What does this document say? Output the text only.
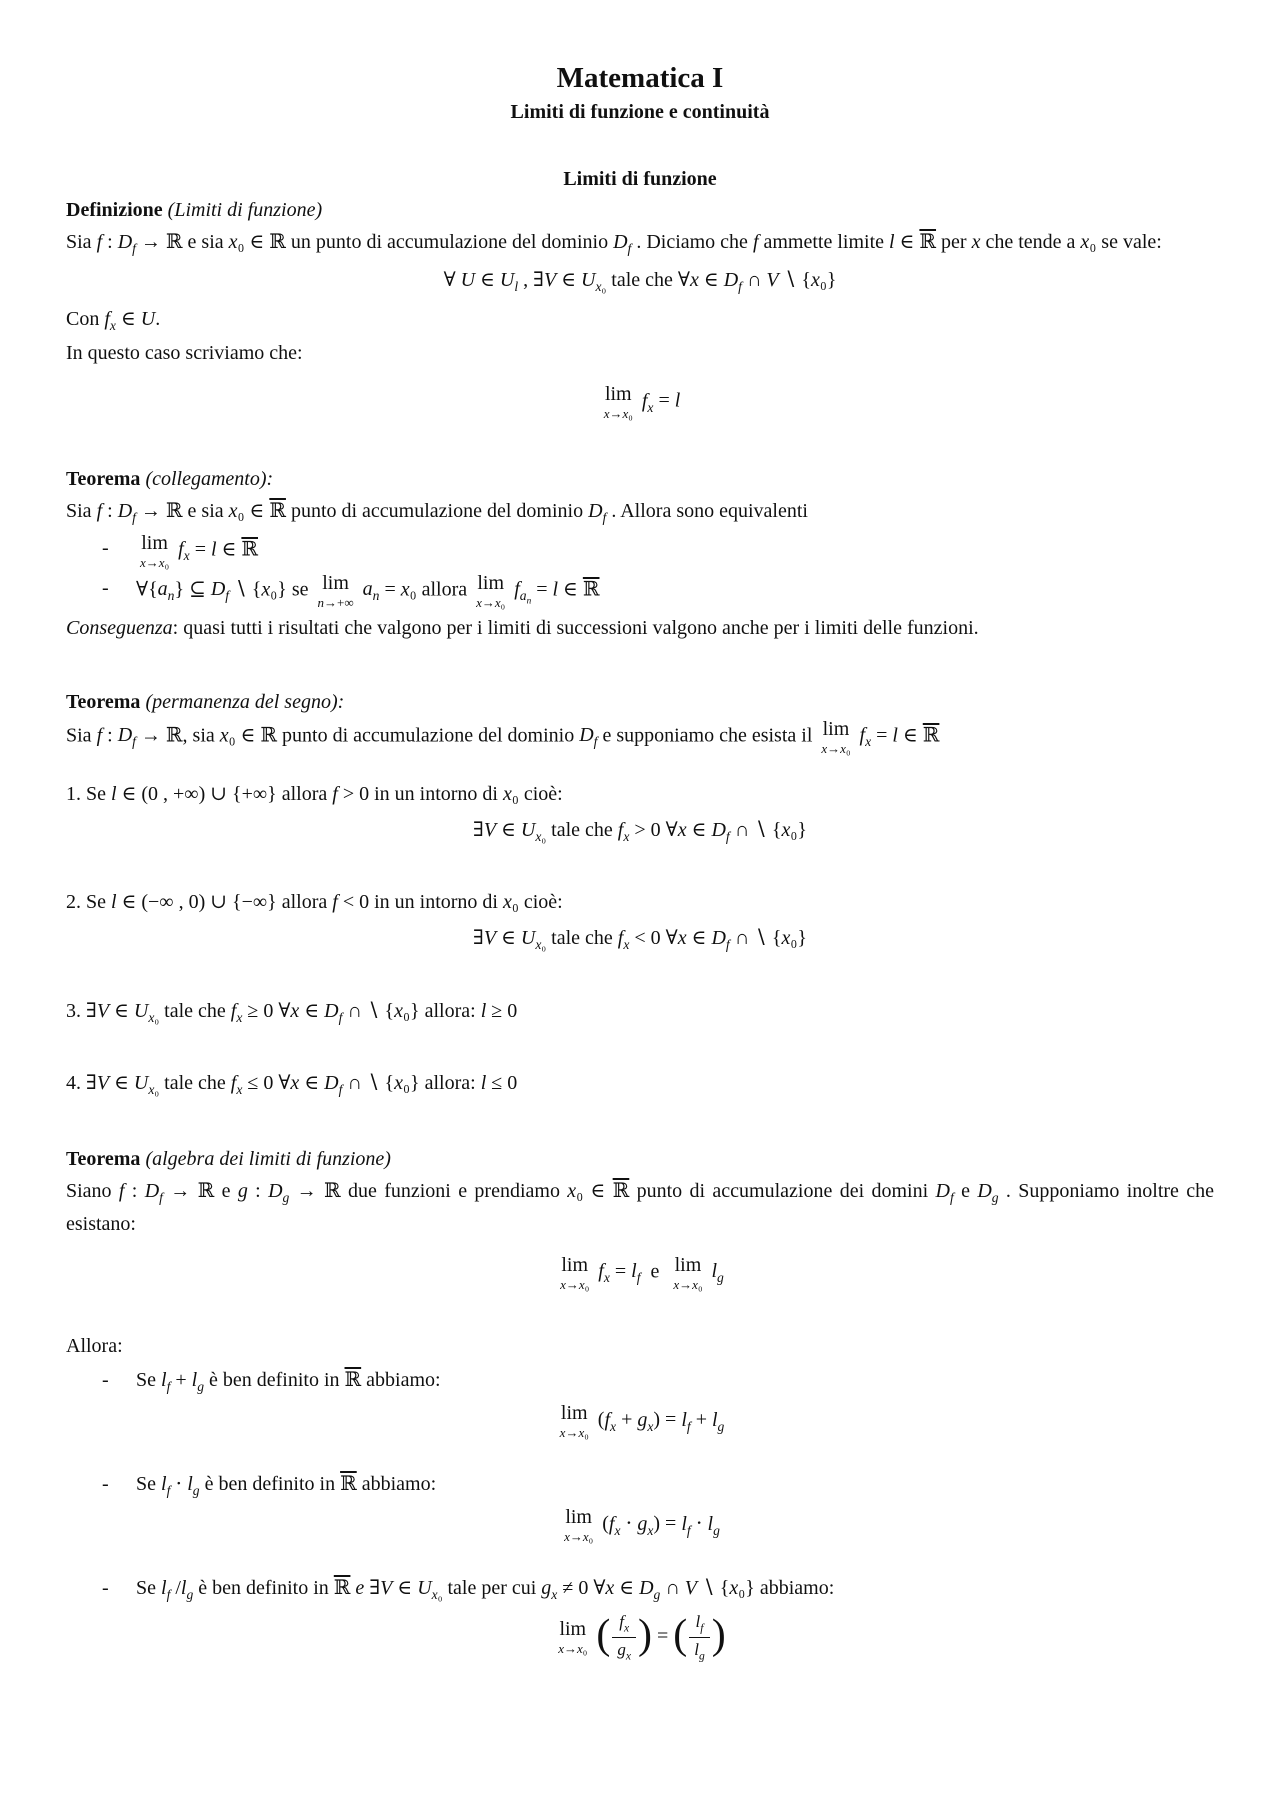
Matematica I
Limiti di funzione e continuità
Limiti di funzione

Definizione (Limiti di funzione)

Sia f : $D_f$ → ℝ e sia x₀ ∈ ℝ un punto di accumulazione del dominio $D_f$ . Diciamo che f ammette limite l ∈ ℝ per x che tende a x₀ se vale:

∀ U ∈ $U_l$ , ∃V ∈ $U_{x_0}$ tale che ∀x ∈ $D_f$ ∩ V ∖ {x₀}

Con $f_x$ ∈ U.

In questo caso scriviamo che:

lim
x→x₀
$f_x = l$

Teorema (collegamento):

Sia f : $D_f$ → ℝ e sia x₀ ∈ ℝ punto di accumulazione del dominio $D_f$ . Allora sono equivalenti

-	lim
x→x₀
$f_x = l$ ∈ ℝ
-	$\forall\{a_n\}$ ⊆ $D_f$ ∖ {x₀} se lim
n→+∞
$a_n = x_0$ allora lim
x→x₀
$f_{a_n} = l$ ∈ ℝ

Conseguenza: quasi tutti i risultati che valgono per i limiti di successioni valgono anche per i limiti delle funzioni.

Teorema (permanenza del segno):

Sia f : $D_f$ → ℝ, sia x₀ ∈ ℝ punto di accumulazione del dominio $D_f$ e supponiamo che esista il lim
x→x₀
$f_x = l$ ∈ ℝ

1. Se l ∈ (0 , +∞) ∪ {+∞} allora f > 0 in un intorno di x₀ cioè:

∃V ∈ $U_{x_0}$ tale che $f_x > 0$ ∀x ∈ $D_f$ ∩ ∖ {x₀}

2. Se l ∈ (−∞ , 0) ∪ {−∞} allora f < 0 in un intorno di x₀ cioè:

∃V ∈ $U_{x_0}$ tale che $f_x < 0$ ∀x ∈ $D_f$ ∩ ∖ {x₀}

3. ∃V ∈ $U_{x_0}$ tale che $f_x \ge 0$ ∀x ∈ $D_f$ ∩ ∖ {x₀} allora: l ≥ 0

4. ∃V ∈ $U_{x_0}$ tale che $f_x \le 0$ ∀x ∈ $D_f$ ∩ ∖ {x₀} allora: l ≤ 0

Teorema (algebra dei limiti di funzione)

Siano f : $D_f$ → ℝ e g : $D_g$ → ℝ due funzioni e prendiamo x₀ ∈ ℝ punto di accumulazione dei domini $D_f$ e $D_g$ . Supponiamo inoltre che esistano:

lim
x→x₀
$f_x = l_f$  e lim
x→x₀
$l_g$

Allora:

-	Se $l_f + l_g$ è ben definito in ℝ abbiamo:

lim
x→x₀
$(f_x + g_x) = l_f + l_g$

-	Se $l_f \cdot l_g$ è ben definito in ℝ abbiamo:

lim
x→x₀
$(f_x \cdot g_x) = l_f \cdot l_g$

-	Se $l_f$ $/l_g$ è ben definito in ℝ e ∃V ∈ $U_{x_0}$ tale per cui $g_x \ne 0$ ∀x ∈ $D_g$ ∩ V ∖ {x₀} abbiamo:

lim
x→x₀ ( $\frac{f_x}{g_x}$ ) = ( $\frac{l_f}{l_g}$ )
